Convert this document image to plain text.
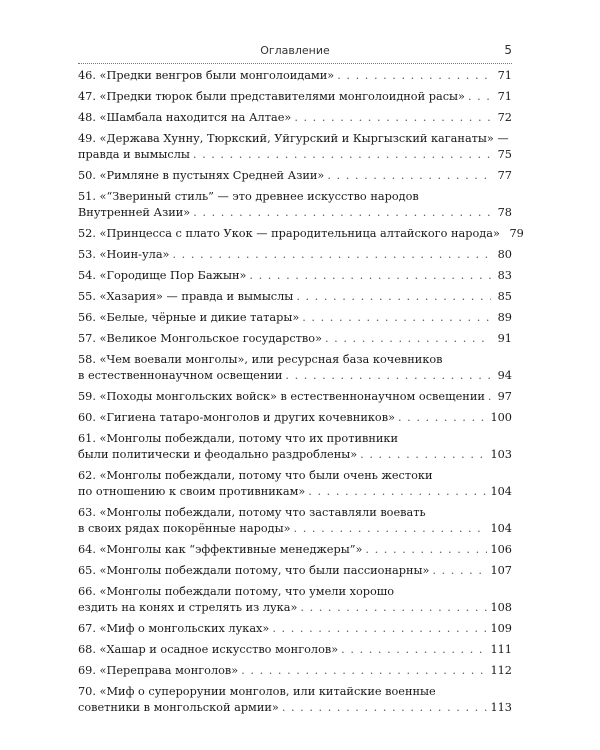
Оглавление	5
46. «Предки венгров были монголоидами» . . .	71
47. «Предки тюрок были представителями монголоидной расы» . . .	71
48. «Шамбала находится на Алтае» . . .	72
49. «Держава Хунну, Тюркский, Уйгурский и Кыргызский каганаты» —
правда и вымыслы . . .	75
50. «Римляне в пустынях Средней Азии» . . .	77
51. «“Звериный стиль” — это древнее искусство народов
Внутренней Азии» . . .	78
52. «Принцесса с плато Укок — прародительница алтайского народа» 79
53. «Ноин-ула» . . .	80
54. «Городище Пор Бажын» . . .	83
55. «Хазария» — правда и вымыслы . . .	85
56. «Белые, чёрные и дикие татары» . . .	89
57. «Великое Монгольское государство» . . .	91
58. «Чем воевали монголы», или ресурсная база кочевников
в естественнонаучном освещении . . .	94
59. «Походы монгольских войск» в естественнонаучном освещении . . .	97
60. «Гигиена татаро-монголов и других кочевников» . . .	100
61. «Монголы побеждали, потому что их противники
были политически и феодально раздроблены» . . .	103
62. «Монголы побеждали, потому что были очень жестоки
по отношению к своим противникам» . . .	104
63. «Монголы побеждали, потому что заставляли воевать
в своих рядах покорённые народы» . . .	104
64. «Монголы как “эффективные менеджеры”» . . .	106
65. «Монголы побеждали потому, что были пассионарны» . . .	107
66. «Монголы побеждали потому, что умели хорошо
ездить на конях и стрелять из лука» . . .	108
67. «Миф о монгольских луках» . . .	109
68. «Хашар и осадное искусство монголов» . . .	111
69. «Переправа монголов» . . .	112
70. «Миф о суперорунии монголов, или китайские военные
советники в монгольской армии» . . .	113
